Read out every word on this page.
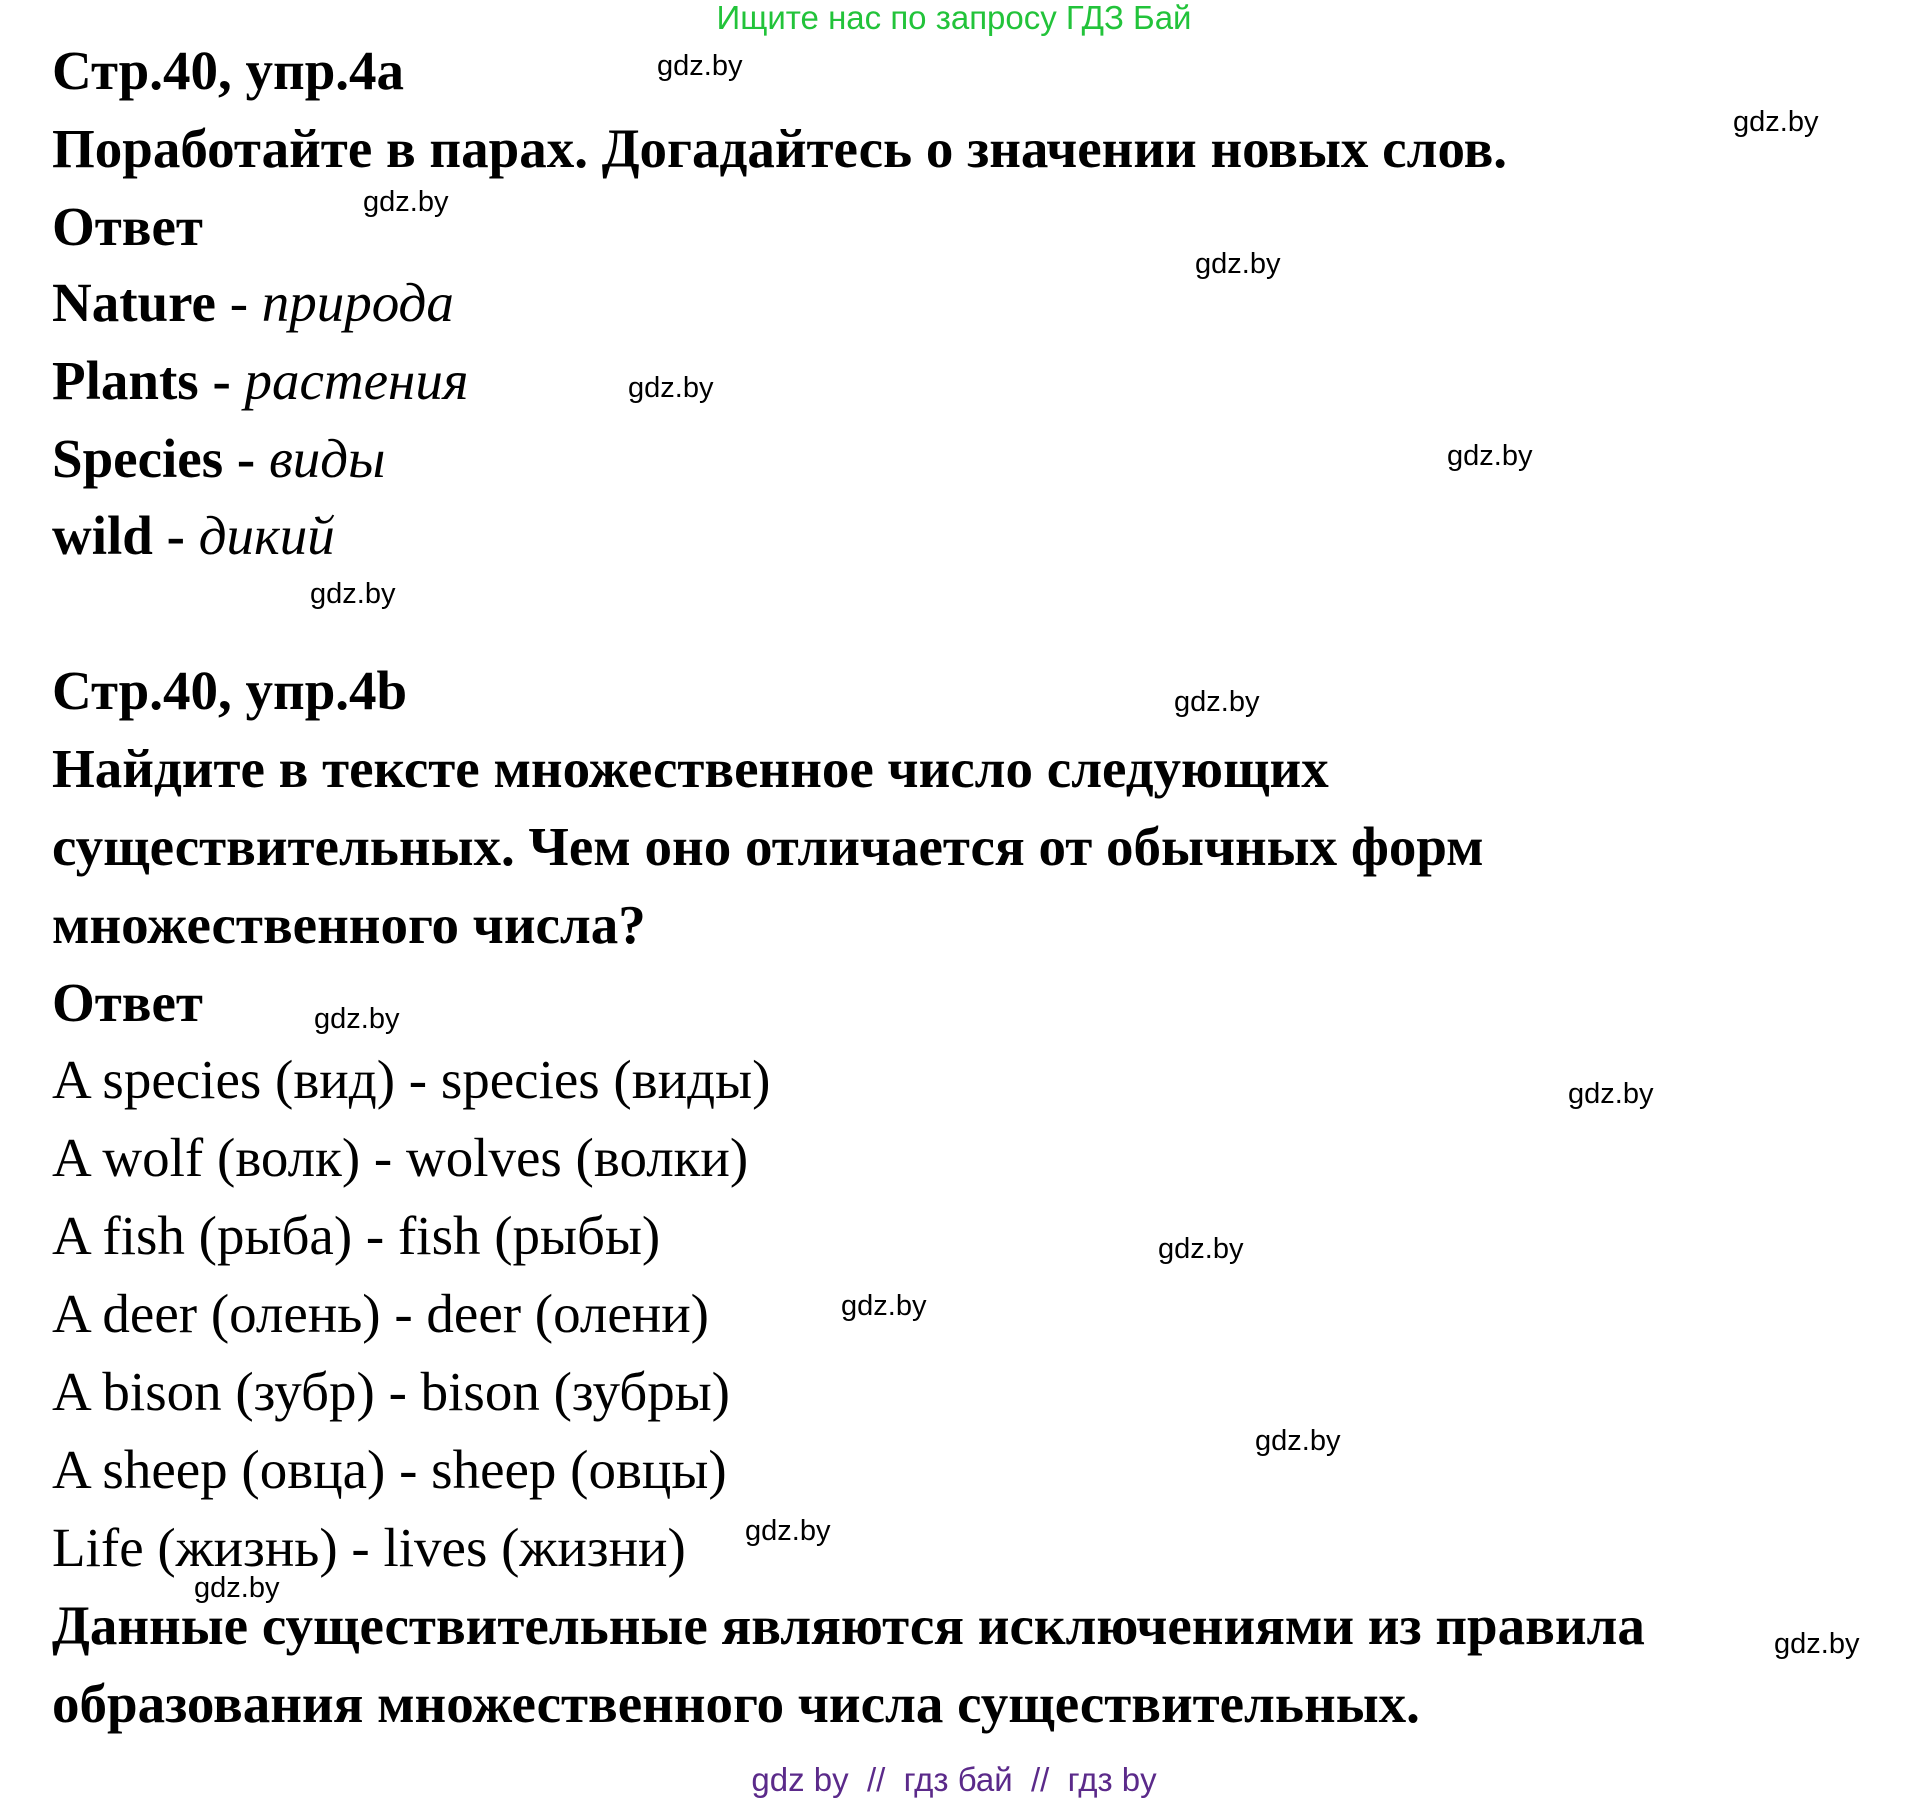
Ищите нас по запросу ГДЗ Бай
Стр.40, упр.4а
Поработайте в парах. Догадайтесь о значении новых слов.
Ответ
Nature - природа
Plants - растения
Species - виды
wild - дикий
Стр.40, упр.4b
Найдите в тексте множественное число следующих
существительных. Чем оно отличается от обычных форм
множественного числа?
Ответ
A species (вид) - species (виды)
A wolf (волк) - wolves (волки)
A fish (рыба) - fish (рыбы)
A deer (олень) - deer (олени)
A bison (зубр) - bison (зубры)
A sheep (овца) - sheep (овцы)
Life (жизнь) - lives (жизни)
Данные существительные являются исключениями из правила
образования множественного числа существительных.
gdz.by
gdz.by
gdz.by
gdz.by
gdz.by
gdz.by
gdz.by
gdz.by
gdz.by
gdz.by
gdz.by
gdz.by
gdz.by
gdz.by
gdz.by
gdz.by
gdz by  //  гдз бай  //  гдз by
